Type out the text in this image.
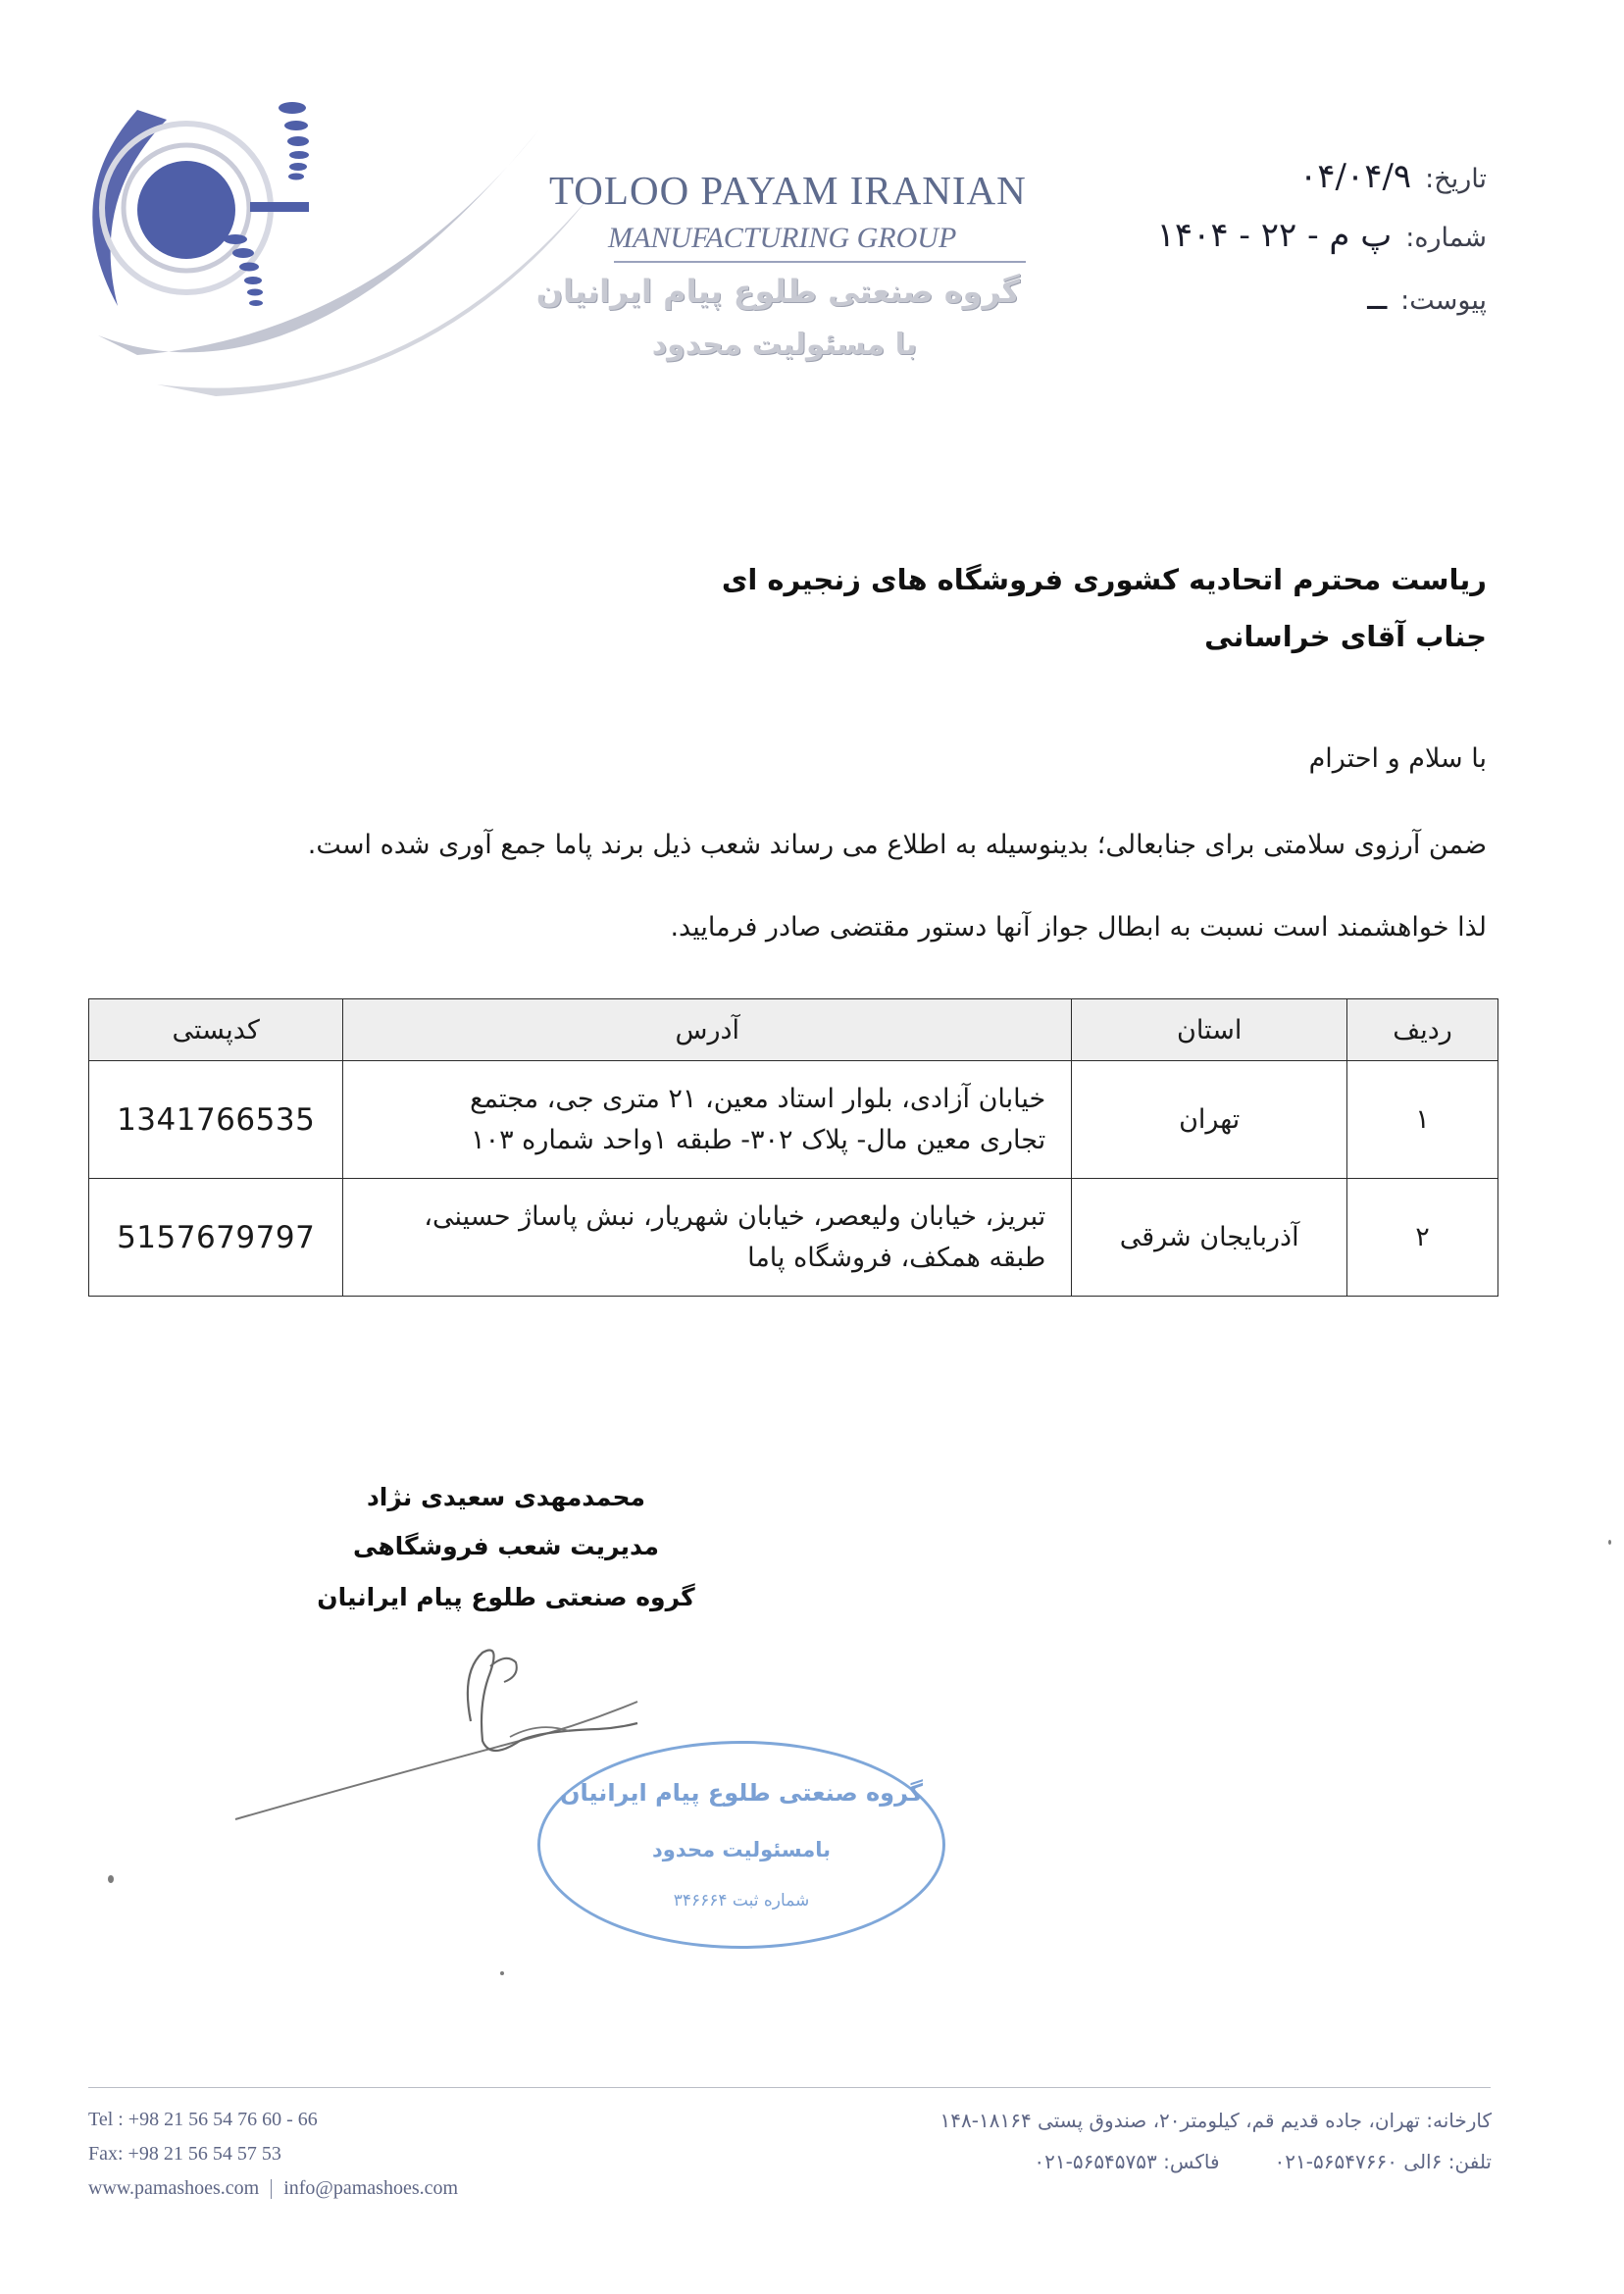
TOLOO PAYAM IRANIAN
MANUFACTURING GROUP
گروه صنعتی طلوع پیام ایرانیان
با مسئولیت محدود
تاریخ:۰۴/۰۴/۹
شماره:پ م - ۲۲ - ۱۴۰۴
پیوست:ــ
ریاست محترم اتحادیه کشوری فروشگاه های زنجیره ای
جناب آقای خراسانی
با سلام و احترام
ضمن آرزوی سلامتی برای جنابعالی؛ بدینوسیله به اطلاع می رساند شعب ذیل برند پاما جمع آوری شده است.
لذا خواهشمند است نسبت به ابطال جواز آنها دستور مقتضی صادر فرمایید.
ردیف	استان	آدرس	کدپستی
۱	تهران	خیابان آزادی، بلوار استاد معین، ۲۱ متری جی، مجتمع
تجاری معین مال- پلاک ۳۰۲- طبقه ۱واحد شماره ۱۰۳	1341766535
۲	آذربایجان شرقی	تبریز، خیابان ولیعصر، خیابان شهریار، نبش پاساژ حسینی،
طبقه همکف، فروشگاه پاما	5157679797
محمدمهدی سعیدی نژاد
مدیریت شعب فروشگاهی
گروه صنعتی طلوع پیام ایرانیان
گروه صنعتی طلوع پیام ایرانیان
بامسئولیت محدود
شماره ثبت ۳۴۶۶۶۴
Tel : +98 21 56 54 76 60 - 66
Fax: +98 21 56 54 57 53
www.pamashoes.com info@pamashoes.com
کارخانه: تهران، جاده قدیم قم، کیلومتر۲۰، صندوق پستی ۱۸۱۶۴-۱۴۸
تلفن: ۶الی ۵۶۵۴۷۶۶۰-۰۲۱فاکس: ۵۶۵۴۵۷۵۳-۰۲۱
